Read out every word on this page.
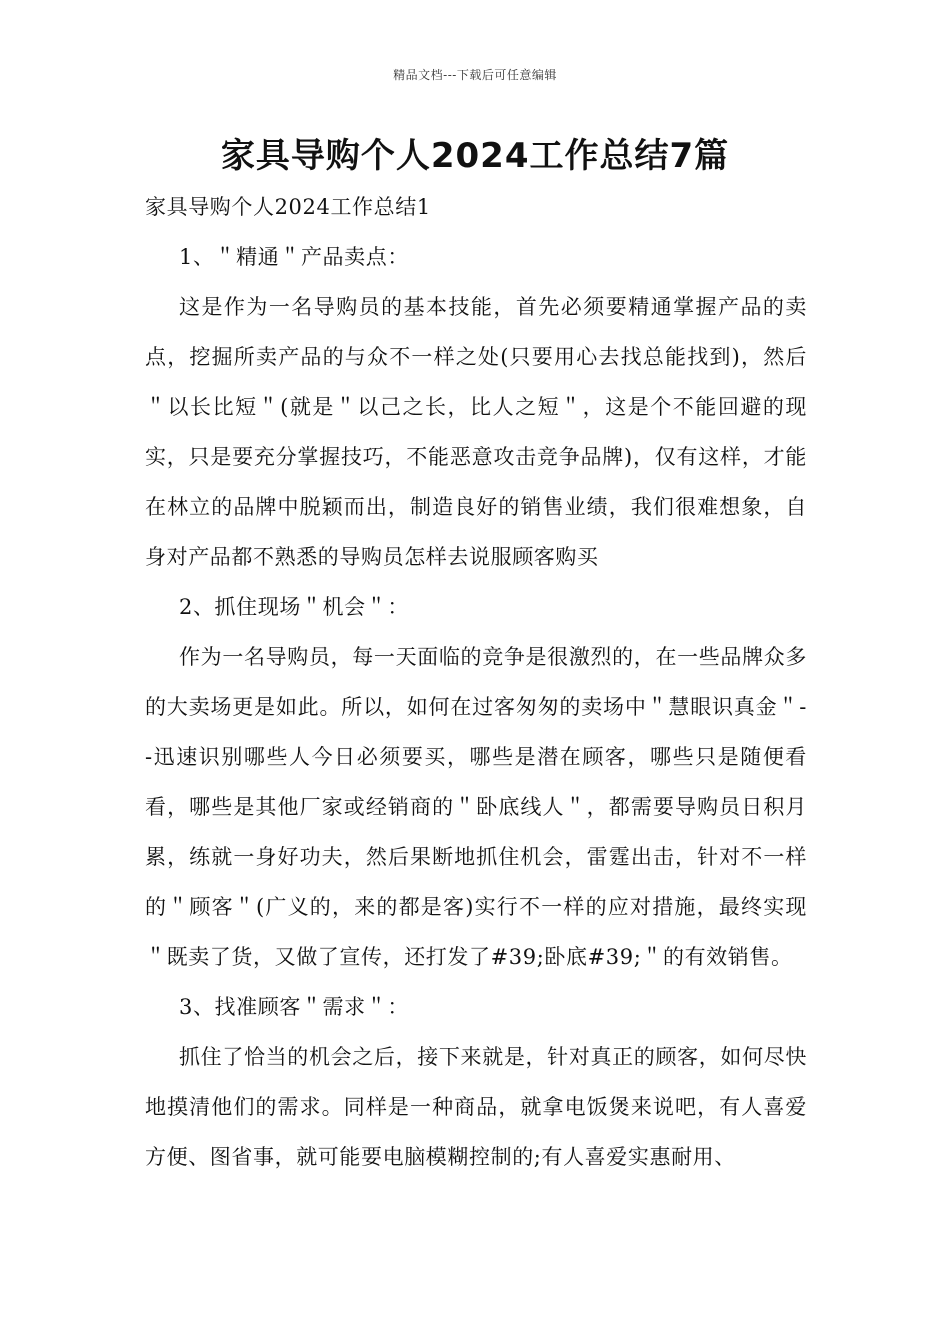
精品文档---下载后可任意编辑
家具导购个人2024工作总结7篇

家具导购个人2024工作总结1

1、＂精通＂产品卖点：

这是作为一名导购员的基本技能，首先必须要精通掌握产品的卖点，挖掘所卖产品的与众不一样之处(只要用心去找总能找到)，然后＂以长比短＂(就是＂以己之长，比人之短＂，这是个不能回避的现实，只是要充分掌握技巧，不能恶意攻击竞争品牌)，仅有这样，才能在林立的品牌中脱颖而出，制造良好的销售业绩，我们很难想象，自身对产品都不熟悉的导购员怎样去说服顾客购买

2、抓住现场＂机会＂：

作为一名导购员，每一天面临的竞争是很激烈的，在一些品牌众多的大卖场更是如此。所以，如何在过客匆匆的卖场中＂慧眼识真金＂--迅速识别哪些人今日必须要买，哪些是潜在顾客，哪些只是随便看看，哪些是其他厂家或经销商的＂卧底线人＂，都需要导购员日积月累，练就一身好功夫，然后果断地抓住机会，雷霆出击，针对不一样的＂顾客＂(广义的，来的都是客)实行不一样的应对措施，最终实现＂既卖了货，又做了宣传，还打发了#39;卧底#39;＂的有效销售。

3、找准顾客＂需求＂：

抓住了恰当的机会之后，接下来就是，针对真正的顾客，如何尽快地摸清他们的需求。同样是一种商品，就拿电饭煲来说吧，有人喜爱方便、图省事，就可能要电脑模糊控制的;有人喜爱实惠耐用、
